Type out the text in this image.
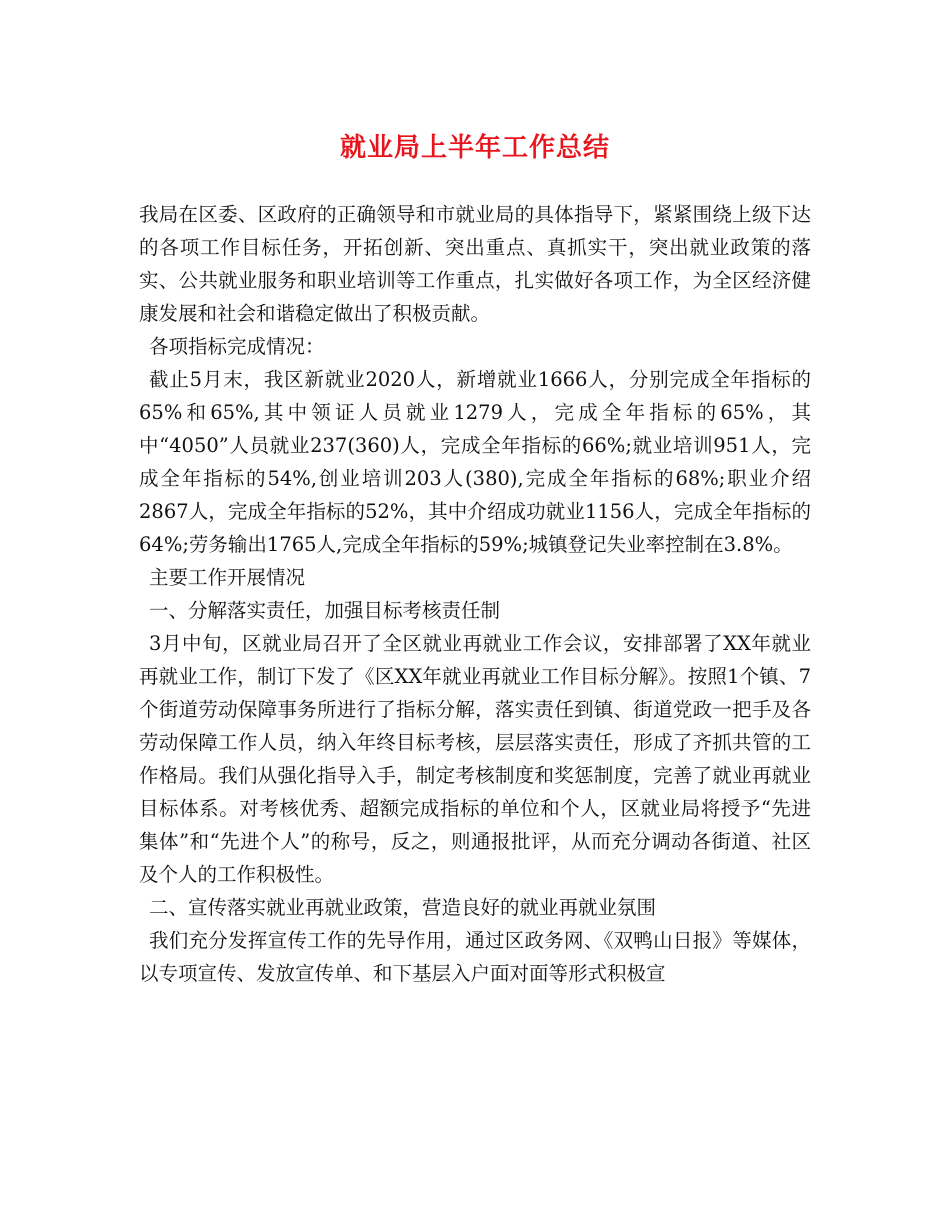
就业局上半年工作总结

我局在区委、区政府的正确领导和市就业局的具体指导下，紧紧围绕上级下达的各项工作目标任务，开拓创新、突出重点、真抓实干，突出就业政策的落实、公共就业服务和职业培训等工作重点，扎实做好各项工作，为全区经济健康发展和社会和谐稳定做出了积极贡献。

各项指标完成情况：

截止5月末，我区新就业2020人，新增就业1666人，分别完成全年指标的65%和65%,其中领证人员就业1279人，完成全年指标的65%，其中“4050”人员就业237(360)人，完成全年指标的66%;就业培训951人，完成全年指标的54%,创业培训203人(380),完成全年指标的68%;职业介绍2867人，完成全年指标的52%，其中介绍成功就业1156人，完成全年指标的64%;劳务输出1765人,完成全年指标的59%;城镇登记失业率控制在3.8%。

主要工作开展情况

一、分解落实责任，加强目标考核责任制

3月中旬，区就业局召开了全区就业再就业工作会议，安排部署了XX年就业再就业工作，制订下发了《区XX年就业再就业工作目标分解》。按照1个镇、7个街道劳动保障事务所进行了指标分解，落实责任到镇、街道党政一把手及各劳动保障工作人员，纳入年终目标考核，层层落实责任，形成了齐抓共管的工作格局。我们从强化指导入手，制定考核制度和奖惩制度，完善了就业再就业目标体系。对考核优秀、超额完成指标的单位和个人，区就业局将授予“先进集体”和“先进个人”的称号，反之，则通报批评，从而充分调动各街道、社区及个人的工作积极性。

二、宣传落实就业再就业政策，营造良好的就业再就业氛围

我们充分发挥宣传工作的先导作用，通过区政务网、《双鸭山日报》等媒体，以专项宣传、发放宣传单、和下基层入户面对面等形式积极宣
